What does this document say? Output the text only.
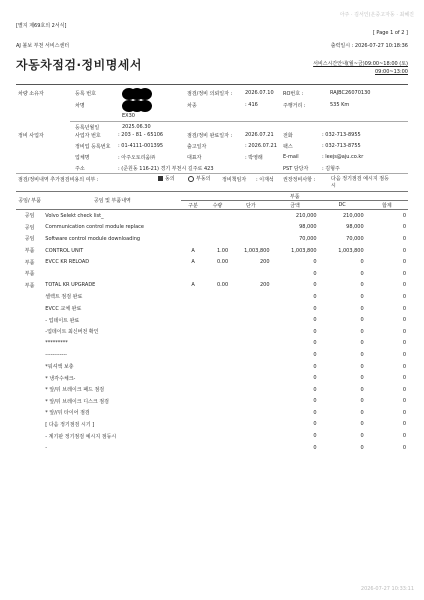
아주 · 김서인(온중고자동 · 최혜진
[별지 제69호의 2서식]
[ Page 1 of 2 ]
AJ 볼보 부천 서비스센터	출력일시 : 2026-07-27 10:18:36
자동차점검·정비명세서	서비스시간안내(월~금)09:00~18:00 (토)
09:00~13:00
차량 소유자	등록 번호	점검/정비 의뢰일자 :	2026.07.10 RO번호 :	RAJBC26070130
차명	차종	: 416	주행거리 :	535 Km
EX30
등록년월일	2025.06.30
정비 사업자	사업자 번호	: 203 - 81 - 65106	점검/정비 완료일자 :	2026.07.21 전화	: 032-713-8955
정비업 등록번호 : 01-4111-001395	출고일자	: 2026.07.21 팩스	: 032-713-8755
업체명	: 아주오토리움㈜	대표자	: 박영래	E-mail	: leejs@aju.co.kr
주소	: (준원동 116-21) 경기 부천시 길주로 423	PST 담당자	: 김형주
점검/정비내역 추가점검비용의 여부 :	동의	부동의 정비책임자 : 이재석 권장정비사항 :	다음 정기점검 예시지 점등 시
공임/ 부품	공임 및 부품내역	부품					
		구분	수량	단가	금액	DC	합계
공임	Volvo Selekt check list_				210,000	210,000	0
공임	Communication control module replace				98,000	98,000	0
공임	Software control module downloading				70,000	70,000	0
부품	CONTROL UNIT	A	1.00	1,003,800	1,003,800	1,003,800	0
부품	EVCC KR RELOAD	A	0.00	200	0	0	0
부품					0	0	0
부품	TOTAL KR UPGRADE	A	0.00	200	0	0	0
	셀렉트 점검 완료				0	0	0
	EVCC 교체 완료				0	0	0
	- 업데이트 완료				0	0	0
	-업데이트 최신버전 확인				0	0	0
	*********				0	0	0
	------------				0	0	0
	*워셔액 보충				0	0	0
	* 냉각수체크-				0	0	0
	* 앞/뒤 브레이크 패드 점검				0	0	0
	* 앞/뒤 브레이크 디스크 점검				0	0	0
	* 앞//뒤 타이어 점검				0	0	0
	[ 다음 정기점검 시기 ]				0	0	0
	- 계기판 정기점검 예시지 점등시				0	0	0
	-				0	0	0
2026-07-27 10:33:11
